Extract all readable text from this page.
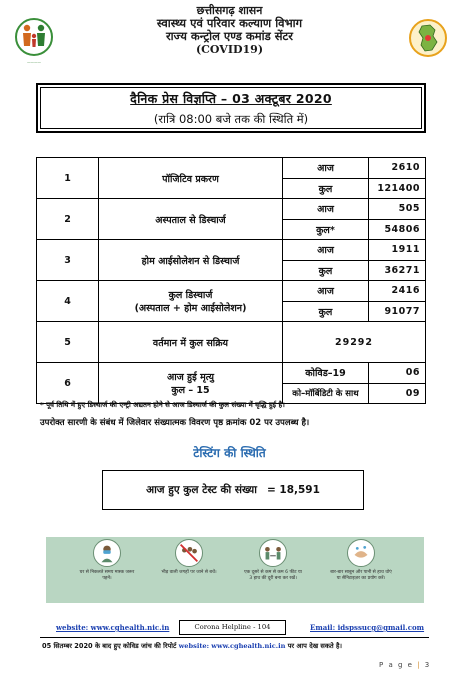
छत्तीसगढ़ शासन
स्वास्थ्य एवं परिवार कल्याण विभाग
राज्य कन्ट्रोल एण्ड कमांड सेंटर
(COVID19)
————
दैनिक प्रेस विज्ञप्ति – 03 अक्टूबर 2020
(रात्रि 08:00 बजे तक की स्थिति में)
1	पॉजिटिव प्रकरण	आज	2610
		कुल	121400
2	अस्पताल से डिस्चार्ज	आज	505
		कुल*	54806
3	होम आईसोलेशन से डिस्चार्ज	आज	1911
		कुल	36271
4	कुल डिस्चार्ज
(अस्पताल + होम आईसोलेशन)	आज	2416
		कुल	91077
5	वर्तमान में कुल सक्रिय	29292	
6	आज हुई मृत्यु
कुल – 15	कोविड–19	06
		को–मॉर्बिडिटी के साथ	09
* पूर्व तिथि में हुए डिस्चार्ज की एन्ट्री अद्यतन होने से आज डिस्चार्ज की कुल संख्या में वृद्धि हुई है।
उपरोक्त सारणी के संबंध में जिलेवार संख्यात्मक विवरण पृष्ठ क्रमांक 02 पर उपलब्ध है।
टेस्टिंग की स्थिति
आज हुए कुल टेस्ट की संख्या = 18,591
घर से निकलते समय मास्क जरूर पहनें।
भीड़ वाली जगहों पर जाने से बचें।	एक दूसरे से कम से कम 6 फीट या 3 हाथ की दूरी बना कर रखें।
बार-बार साबुन और पानी से हाथ धोएं या सैनिटाइज़र का प्रयोग करें।
website: www.cghealth.nic.in	Corona Helpline - 104	Email: idspssucg@gmail.com
05 सितम्बर 2020 के बाद हुए कोविड जांच की रिपोर्ट website: www.cghealth.nic.in पर आप देख सकते है।
P a g e | 3
